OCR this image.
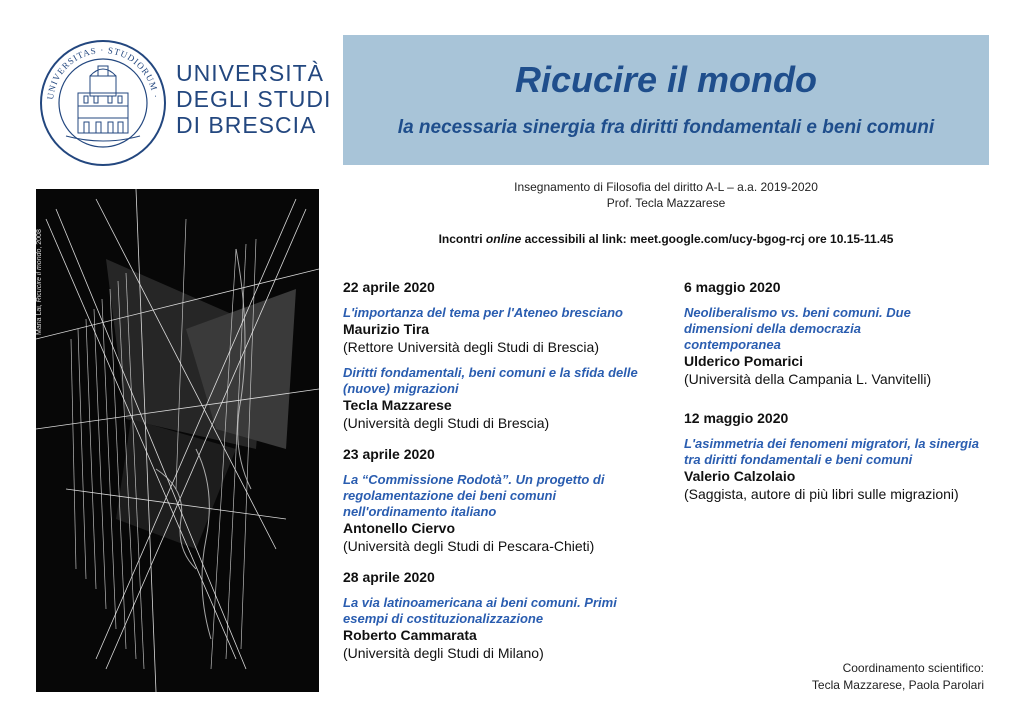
UNIVERSITAS · STUDIORUM ·
UNIVERSITÀ
DEGLI STUDI
DI BRESCIA
Ricucire il mondo
la necessaria sinergia fra diritti fondamentali e beni comuni
Insegnamento di Filosofia del diritto A-L – a.a. 2019-2020
Prof. Tecla Mazzarese
Incontri online accessibili al link: meet.google.com/ucy-bgog-rcj ore 10.15-11.45
Maria Lai, Ricucire il mondo, 2008
22 aprile 2020
L'importanza del tema per l'Ateneo bresciano
Maurizio Tira
(Rettore Università degli Studi di Brescia)
Diritti fondamentali, beni comuni e la sfida delle (nuove) migrazioni
Tecla Mazzarese
(Università degli Studi di Brescia)
23 aprile 2020
La “Commissione Rodotà”. Un progetto di regolamentazione dei beni comuni nell'ordinamento italiano
Antonello Ciervo
(Università degli Studi di Pescara-Chieti)
28 aprile 2020
La via latinoamericana ai beni comuni. Primi esempi di costituzionalizzazione
Roberto Cammarata
(Università degli Studi di Milano)
6 maggio 2020
Neoliberalismo vs. beni comuni. Due dimensioni della democrazia contemporanea
Ulderico Pomarici
(Università della Campania L. Vanvitelli)
12 maggio 2020
L'asimmetria dei fenomeni migratori, la sinergia tra diritti fondamentali e beni comuni
Valerio Calzolaio
(Saggista, autore di più libri sulle migrazioni)
Coordinamento scientifico:
Tecla Mazzarese, Paola Parolari
